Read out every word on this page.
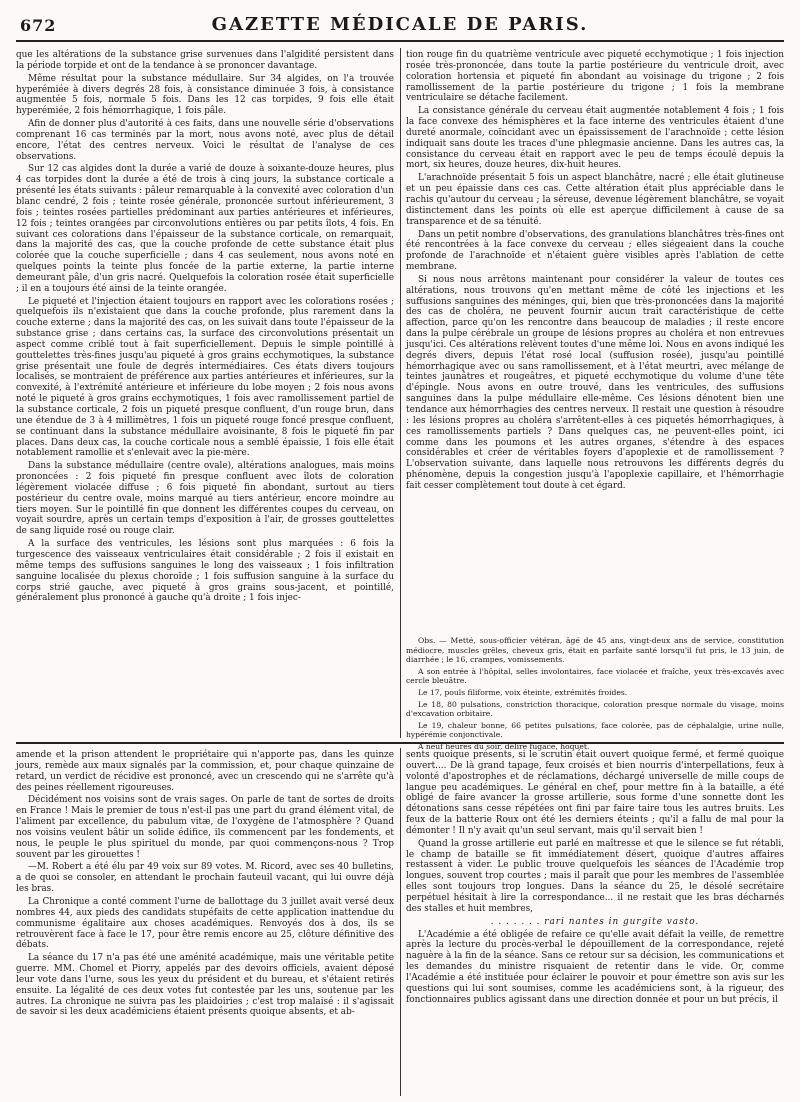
672	GAZETTE MÉDICALE DE PARIS.

que les altérations de la substance grise survenues dans l'algidité persistent dans la période torpide et ont de la tendance à se prononcer davantage.

Même résultat pour la substance médullaire. Sur 34 algides, on l'a trouvée hyperémiée à divers degrés 28 fois, à consistance diminuée 3 fois, à consistance augmentée 5 fois, normale 5 fois. Dans les 12 cas torpides, 9 fois elle était hyperémiée, 2 fois hémorrhagique, 1 fois pâle.

Afin de donner plus d'autorité à ces faits, dans une nouvelle série d'observations comprenant 16 cas terminés par la mort, nous avons noté, avec plus de détail encore, l'état des centres nerveux. Voici le résultat de l'analyse de ces observations.

Sur 12 cas algides dont la durée a varié de douze à soixante-douze heures, plus 4 cas torpides dont la durée a été de trois à cinq jours, la substance corticale a présenté les états suivants : pâleur remarquable à la convexité avec coloration d'un blanc cendré, 2 fois ; teinte rosée générale, prononcée surtout inférieurement, 3 fois ; teintes rosées partielles prédominant aux parties antérieures et inférieures, 12 fois ; teintes orangées par circonvolutions entières ou par petits îlots, 4 fois. En suivant ces colorations dans l'épaisseur de la substance corticale, on remarquait, dans la majorité des cas, que la couche profonde de cette substance était plus colorée que la couche superficielle ; dans 4 cas seulement, nous avons noté en quelques points la teinte plus foncée de la partie externe, la partie interne demeurant pâle, d'un gris nacré. Quelquefois la coloration rosée était superficielle ; il en a toujours été ainsi de la teinte orangée.

Le piqueté et l'injection étaient toujours en rapport avec les colorations rosées ; quelquefois ils n'existaient que dans la couche profonde, plus rarement dans la couche externe ; dans la majorité des cas, on les suivait dans toute l'épaisseur de la substance grise ; dans certains cas, la surface des circonvolutions présentait un aspect comme criblé tout à fait superficiellement. Depuis le simple pointillé à gouttelettes très-fines jusqu'au piqueté à gros grains ecchymotiques, la substance grise présentait une foule de degrés intermédiaires. Ces états divers toujours localisés, se montraient de préférence aux parties antérieures et inférieures, sur la convexité, à l'extrémité antérieure et inférieure du lobe moyen ; 2 fois nous avons noté le piqueté à gros grains ecchymotiques, 1 fois avec ramollissement partiel de la substance corticale, 2 fois un piqueté presque confluent, d'un rouge brun, dans une étendue de 3 à 4 millimètres, 1 fois un piqueté rouge foncé presque confluent, se continuant dans la substance médullaire avoisinante, 8 fois le piqueté fin par places. Dans deux cas, la couche corticale nous a semblé épaissie, 1 fois elle était notablement ramollie et s'enlevait avec la pie-mère.

Dans la substance médullaire (centre ovale), altérations analogues, mais moins prononcées : 2 fois piqueté fin presque confluent avec îlots de coloration légèrement violacée diffuse ; 6 fois piqueté fin abondant, surtout au tiers postérieur du centre ovale, moins marqué au tiers antérieur, encore moindre au tiers moyen. Sur le pointillé fin que donnent les différentes coupes du cerveau, on voyait sourdre, après un certain temps d'exposition à l'air, de grosses gouttelettes de sang liquide rosé ou rouge clair.

A la surface des ventricules, les lésions sont plus marquées : 6 fois la turgescence des vaisseaux ventriculaires était considérable ; 2 fois il existait en même temps des suffusions sanguines le long des vaisseaux ; 1 fois infiltration sanguine localisée du plexus choroïde ; 1 fois suffusion sanguine à la surface du corps strié gauche, avec piqueté à gros grains sous-jacent, et pointillé, généralement plus prononcé à gauche qu'à droite ; 1 fois injec-

tion rouge fin du quatrième ventricule avec piqueté ecchymotique ; 1 fois injection rosée très-prononcée, dans toute la partie postérieure du ventricule droit, avec coloration hortensia et piqueté fin abondant au voisinage du trigone ; 2 fois ramollissement de la partie postérieure du trigone ; 1 fois la membrane ventriculaire se détache facilement.

La consistance générale du cerveau était augmentée notablement 4 fois ; 1 fois la face convexe des hémisphères et la face interne des ventricules étaient d'une dureté anormale, coïncidant avec un épaississement de l'arachnoïde ; cette lésion indiquait sans doute les traces d'une phlegmasie ancienne. Dans les autres cas, la consistance du cerveau était en rapport avec le peu de temps écoulé depuis la mort, six heures, douze heures, dix-huit heures.

L'arachnoïde présentait 5 fois un aspect blanchâtre, nacré ; elle était glutineuse et un peu épaissie dans ces cas. Cette altération était plus appréciable dans le rachis qu'autour du cerveau ; la séreuse, devenue légèrement blanchâtre, se voyait distinctement dans les points où elle est aperçue difficilement à cause de sa transparence et de sa ténuité.

Dans un petit nombre d'observations, des granulations blanchâtres très-fines ont été rencontrées à la face convexe du cerveau ; elles siégeaient dans la couche profonde de l'arachnoïde et n'étaient guère visibles après l'ablation de cette membrane.

Si nous nous arrêtons maintenant pour considérer la valeur de toutes ces altérations, nous trouvons qu'en mettant même de côté les injections et les suffusions sanguines des méninges, qui, bien que très-prononcées dans la majorité des cas de choléra, ne peuvent fournir aucun trait caractéristique de cette affection, parce qu'on les rencontre dans beaucoup de maladies ; il reste encore dans la pulpe cérébrale un groupe de lésions propres au choléra et non entrevues jusqu'ici. Ces altérations relèvent toutes d'une même loi. Nous en avons indiqué les degrés divers, depuis l'état rosé local (suffusion rosée), jusqu'au pointillé hémorrhagique avec ou sans ramollissement, et à l'état meurtri, avec mélange de teintes jaunâtres et rougeâtres, et piqueté ecchymotique du volume d'une tête d'épingle. Nous avons en outre trouvé, dans les ventricules, des suffusions sanguines dans la pulpe médullaire elle-même. Ces lésions dénotent bien une tendance aux hémorrhagies des centres nerveux. Il restait une question à résoudre : les lésions propres au choléra s'arrêtent-elles à ces piquetés hémorrhagiques, à ces ramollissements partiels ? Dans quelques cas, ne peuvent-elles point, ici comme dans les poumons et les autres organes, s'étendre à des espaces considérables et créer de véritables foyers d'apoplexie et de ramollissement ? L'observation suivante, dans laquelle nous retrouvons les différents degrés du phénomène, depuis la congestion jusqu'à l'apoplexie capillaire, et l'hémorrhagie fait cesser complètement tout doute à cet égard.

Obs. — Metté, sous-officier vétéran, âgé de 45 ans, vingt-deux ans de service, constitution médiocre, muscles grêles, cheveux gris, était en parfaite santé lorsqu'il fut pris, le 13 juin, de diarrhée ; le 16, crampes, vomissements.

A son entrée à l'hôpital, selles involontaires, face violacée et fraîche, yeux très-excavés avec cercle bleuâtre.

Le 17, pouls filiforme, voix éteinte, extrémités froides.

Le 18, 80 pulsations, constriction thoracique, coloration presque normale du visage, moins d'excavation orbitaire.

Le 19, chaleur bonne, 66 petites pulsations, face colorée, pas de céphalalgie, urine nulle, hypérémie conjonctivale.

A neuf heures du soir, délire fugace, hoquet.

amende et la prison attendent le propriétaire qui n'apporte pas, dans les quinze jours, remède aux maux signalés par la commission, et, pour chaque quinzaine de retard, un verdict de récidive est prononcé, avec un crescendo qui ne s'arrête qu'à des peines réellement rigoureuses.

Décidément nos voisins sont de vrais sages. On parle de tant de sortes de droits en France ! Mais le premier de tous n'est-il pas une part du grand élément vital, de l'aliment par excellence, du pabulum vitæ, de l'oxygène de l'atmosphère ? Quand nos voisins veulent bâtir un solide édifice, ils commencent par les fondements, et nous, le peuple le plus spirituel du monde, par quoi commençons-nous ? Trop souvent par les girouettes !

—M. Robert a été élu par 49 voix sur 89 votes. M. Ricord, avec ses 40 bulletins, a de quoi se consoler, en attendant le prochain fauteuil vacant, qui lui ouvre déjà les bras.

La Chronique a conté comment l'urne de ballottage du 3 juillet avait versé deux nombres 44, aux pieds des candidats stupéfaits de cette application inattendue du communisme égalitaire aux choses académiques. Renvoyés dos à dos, ils se retrouvèrent face à face le 17, pour être remis encore au 25, clôture définitive des débats.

La séance du 17 n'a pas été une aménité académique, mais une véritable petite guerre. MM. Chomel et Piorry, appelés par des devoirs officiels, avaient déposé leur vote dans l'urne, sous les yeux du président et du bureau, et s'étaient retirés ensuite. La légalité de ces deux votes fut contestée par les uns, soutenue par les autres. La chronique ne suivra pas les plaidoiries ; c'est trop malaisé : il s'agissait de savoir si les deux académiciens étaient présents quoique absents, et ab-

sents quoique présents, si le scrutin était ouvert quoique fermé, et fermé quoique ouvert.... De là grand tapage, feux croisés et bien nourris d'interpellations, feux à volonté d'apostrophes et de réclamations, déchargé universelle de mille coups de langue peu académiques. Le général en chef, pour mettre fin à la bataille, a été obligé de faire avancer la grosse artillerie, sous forme d'une sonnette dont les détonations sans cesse répétées ont fini par faire taire tous les autres bruits. Les feux de la batterie Roux ont été les derniers éteints ; qu'il a fallu de mal pour la démonter ! Il n'y avait qu'un seul servant, mais qu'il servait bien !

Quand la grosse artillerie eut parlé en maîtresse et que le silence se fut rétabli, le champ de bataille se fit immédiatement désert, quoique d'autres affaires restassent à vider. Le public trouve quelquefois les séances de l'Académie trop longues, souvent trop courtes ; mais il paraît que pour les membres de l'assemblée elles sont toujours trop longues. Dans la séance du 25, le désolé secrétaire perpétuel hésitait à lire la correspondance... il ne restait que les bras décharnés des stalles et huit membres,

. . . . . . . rari nantes in gurgite vasto.

L'Académie a été obligée de refaire ce qu'elle avait défait la veille, de remettre après la lecture du procès-verbal le dépouillement de la correspondance, rejeté naguère à la fin de la séance. Sans ce retour sur sa décision, les communications et les demandes du ministre risquaient de retentir dans le vide. Or, comme l'Académie a été instituée pour éclairer le pouvoir et pour émettre son avis sur les questions qui lui sont soumises, comme les académiciens sont, à la rigueur, des fonctionnaires publics agissant dans une direction donnée et pour un but précis, il
